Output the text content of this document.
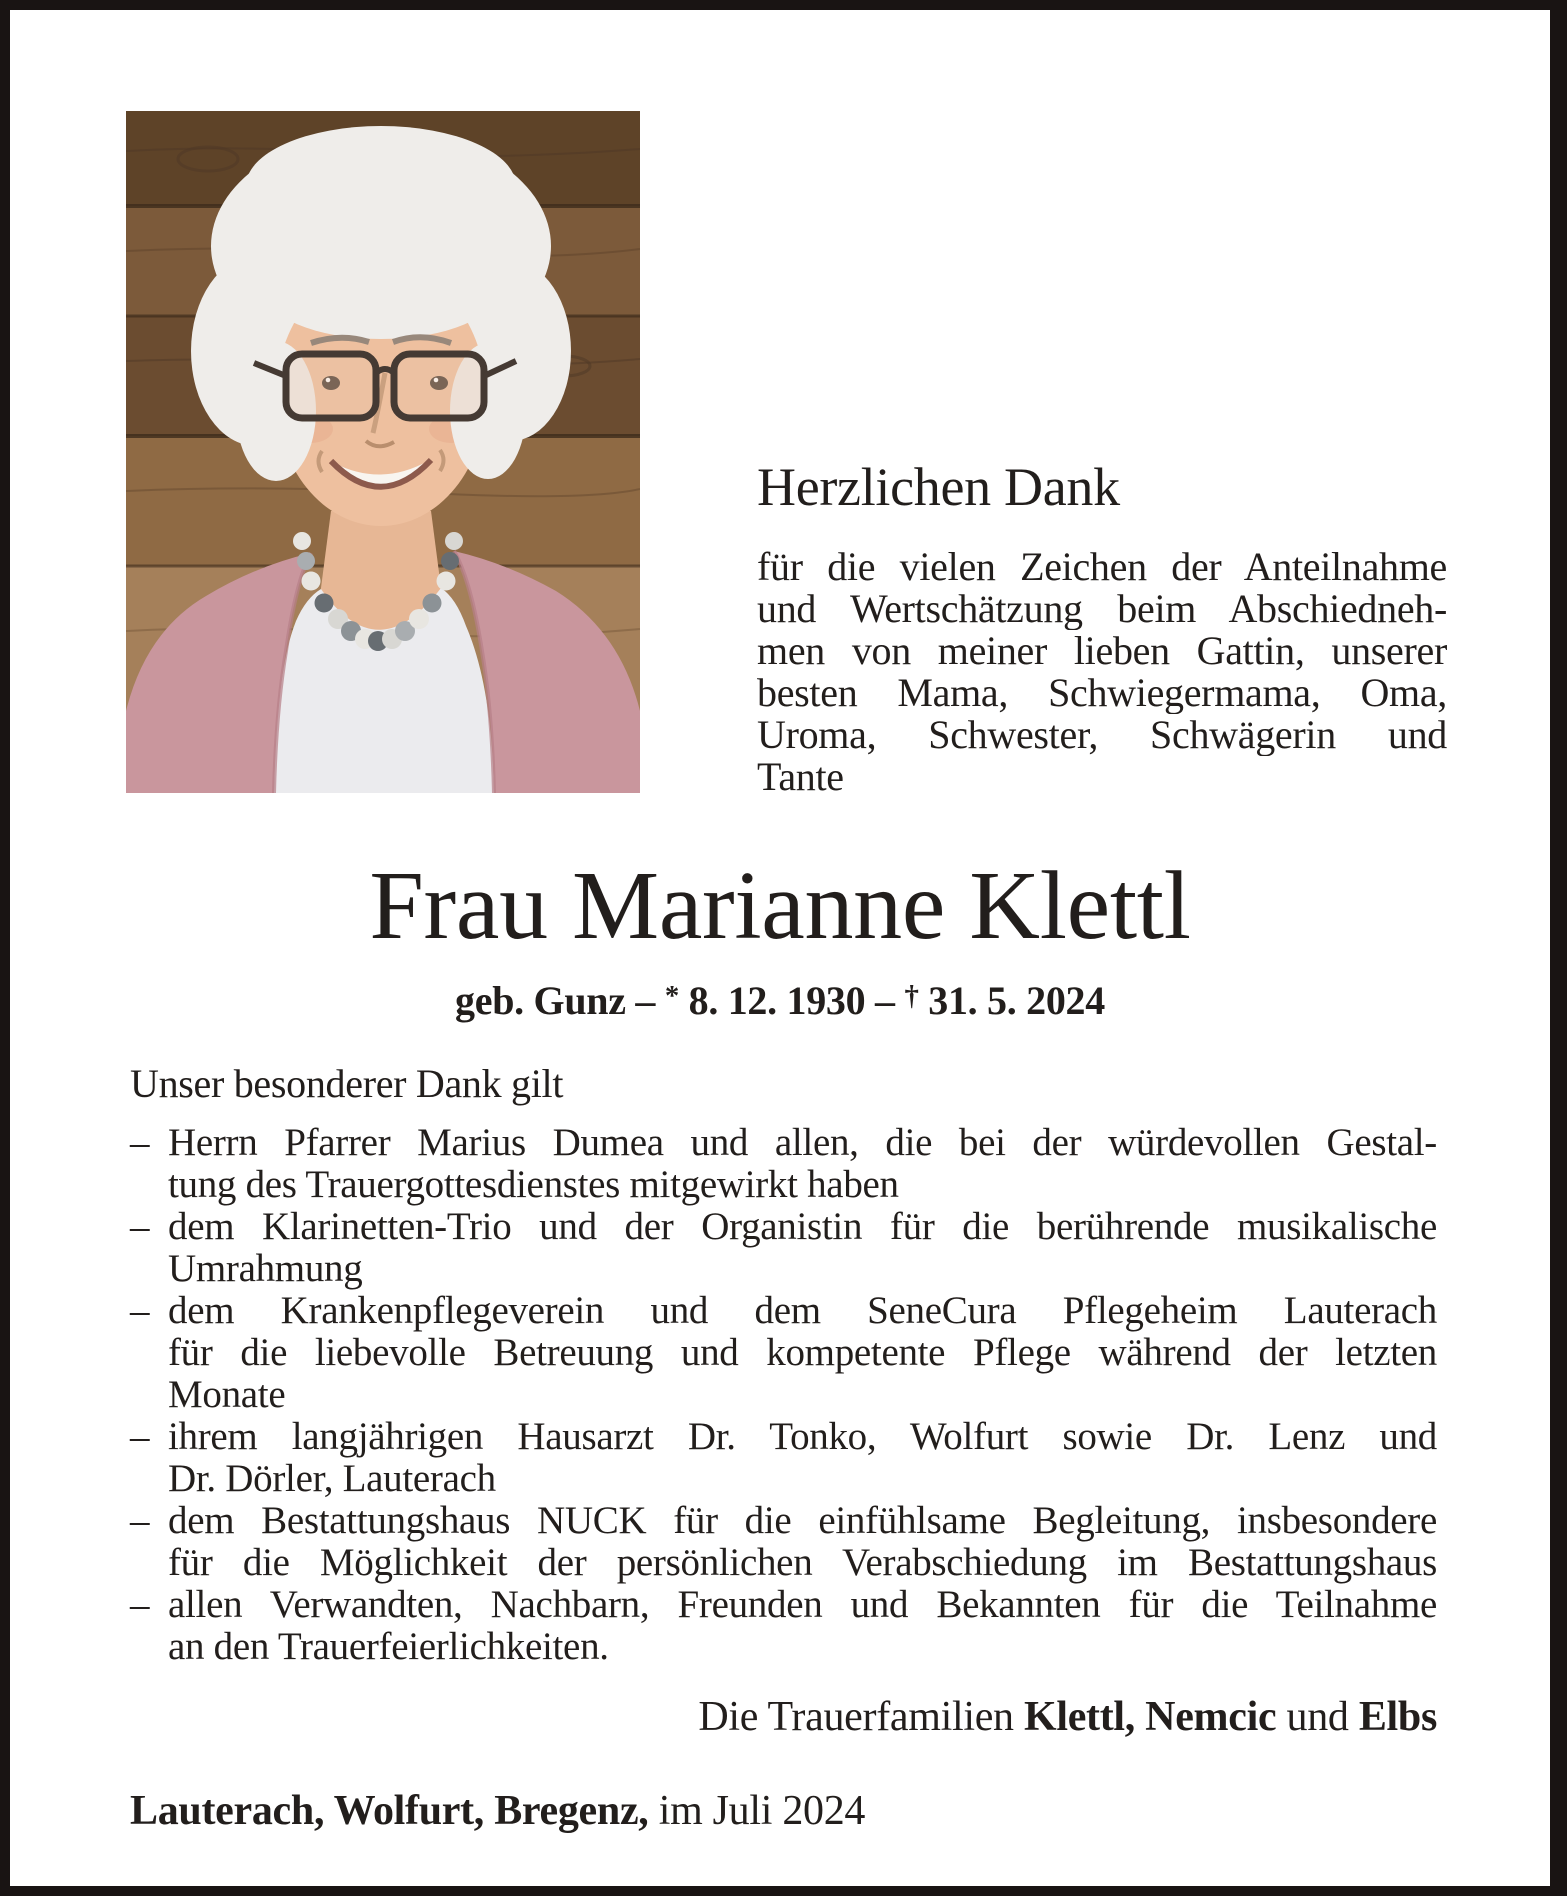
Herzlichen Dank
für die vielen Zeichen der Anteilnahme
und Wertschätzung beim Abschiedneh-
men von meiner lieben Gattin, unserer
besten Mama, Schwiegermama, Oma,
Uroma, Schwester, Schwägerin und
Tante
Frau Marianne Klettl
geb. Gunz – * 8. 12. 1930 – † 31. 5. 2024
Unser besonderer Dank gilt
– Herrn Pfarrer Marius Dumea und allen, die bei der würdevollen Gestal-
tung des Trauergottesdienstes mitgewirkt haben
– dem Klarinetten-Trio und der Organistin für die berührende musikalische
Umrahmung
– dem Krankenpflegeverein und dem SeneCura Pflegeheim Lauterach
für die liebevolle Betreuung und kompetente Pflege während der letzten
Monate
– ihrem langjährigen Hausarzt Dr. Tonko, Wolfurt sowie Dr. Lenz und
Dr. Dörler, Lauterach
– dem Bestattungshaus NUCK für die einfühlsame Begleitung, insbesondere
für die Möglichkeit der persönlichen Verabschiedung im Bestattungshaus
– allen Verwandten, Nachbarn, Freunden und Bekannten für die Teilnahme
an den Trauerfeierlichkeiten.
Die Trauerfamilien Klettl, Nemcic und Elbs
Lauterach, Wolfurt, Bregenz, im Juli 2024
